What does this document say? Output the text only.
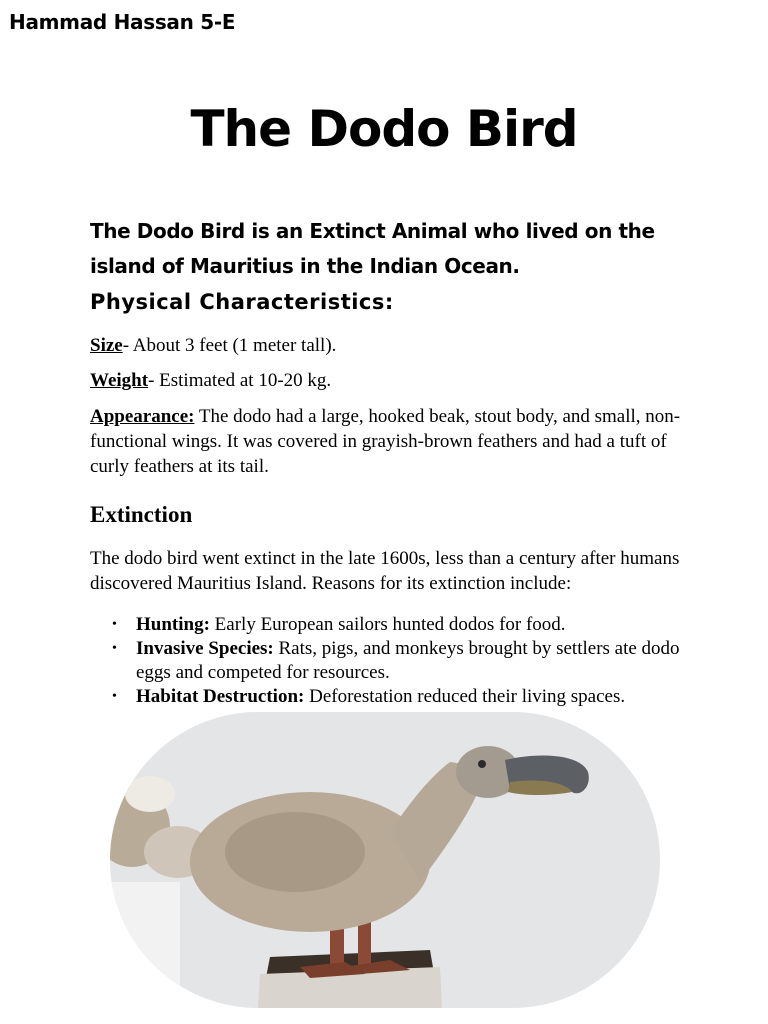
Hammad Hassan 5-E
The Dodo Bird
The Dodo Bird is an Extinct Animal who lived on the island of Mauritius in the Indian Ocean.
Physical Characteristics:
Size- About 3 feet (1 meter tall).
Weight- Estimated at 10-20 kg.
Appearance: The dodo had a large, hooked beak, stout body, and small, non-functional wings. It was covered in grayish-brown feathers and had a tuft of curly feathers at its tail.
Extinction
The dodo bird went extinct in the late 1600s, less than a century after humans discovered Mauritius Island. Reasons for its extinction include:
• Hunting: Early European sailors hunted dodos for food.
• Invasive Species: Rats, pigs, and monkeys brought by settlers ate dodo eggs and competed for resources.
• Habitat Destruction: Deforestation reduced their living spaces.
